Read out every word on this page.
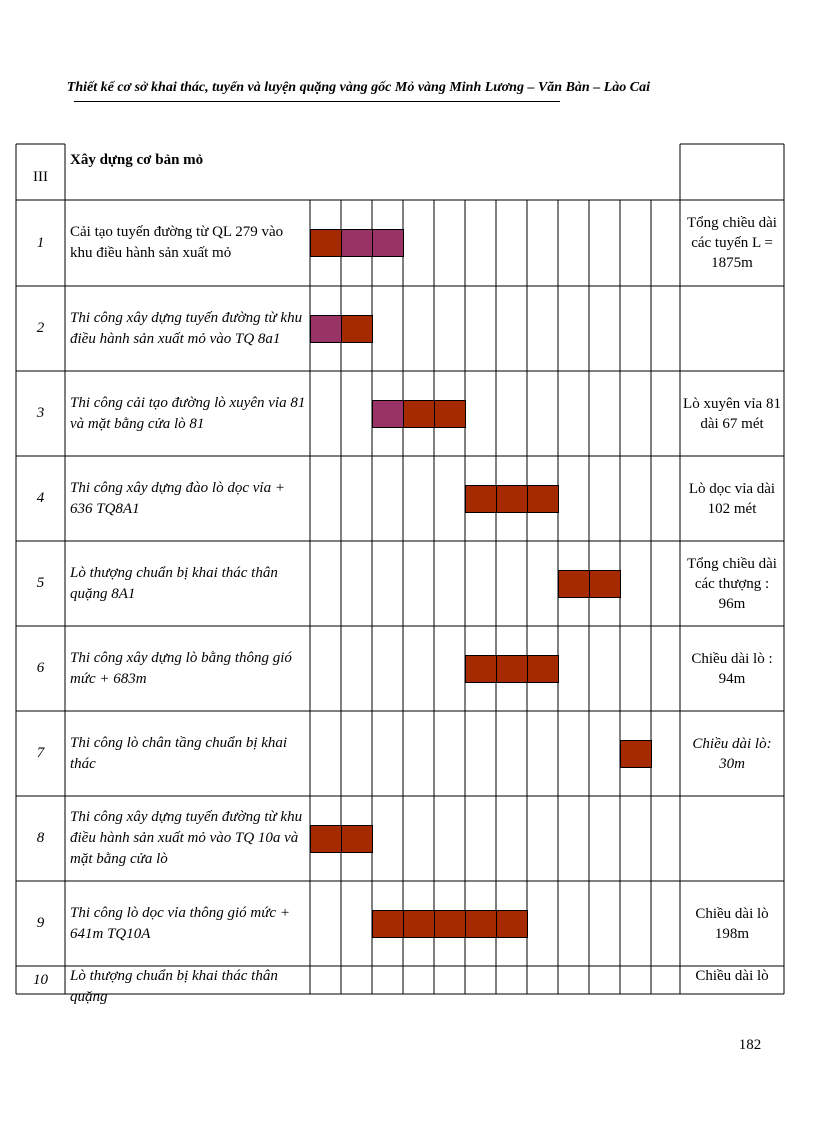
Thiết kế cơ sở khai thác, tuyển và luyện quặng vàng gốc Mỏ vàng Minh Lương – Văn Bàn – Lào Cai
III
Xây dựng cơ bản mỏ
1
Cải tạo tuyến đường từ QL 279 vào khu điều hành sản xuất mỏ
Tổng chiều dài các tuyến L = 1875m
2
Thi công xây dựng tuyến đường từ khu điều hành sản xuất mỏ vào TQ 8a1
3
Thi công cải tạo đường lò xuyên vỉa 81 và mặt bằng cửa lò 81
Lò xuyên vỉa 81 dài 67 mét
4
Thi công xây dựng đào lò dọc vỉa + 636 TQ8A1
Lò dọc vỉa dài 102 mét
5
Lò thượng chuẩn bị khai thác thân quặng 8A1
Tổng chiều dài các thượng : 96m
6
Thi công xây dựng lò bằng thông gió mức + 683m
Chiều dài lò : 94m
7
Thi công lò chân tầng chuẩn bị khai thác
Chiều dài lò: 30m
8
Thi công xây dựng tuyến đường từ khu điều hành sản xuất mỏ vào TQ 10a và mặt bằng cửa lò
9
Thi công lò dọc vỉa thông gió mức + 641m TQ10A
Chiều dài lò 198m
10	Lò thượng chuẩn bị khai thác thân quặng
Chiều dài lò
182
